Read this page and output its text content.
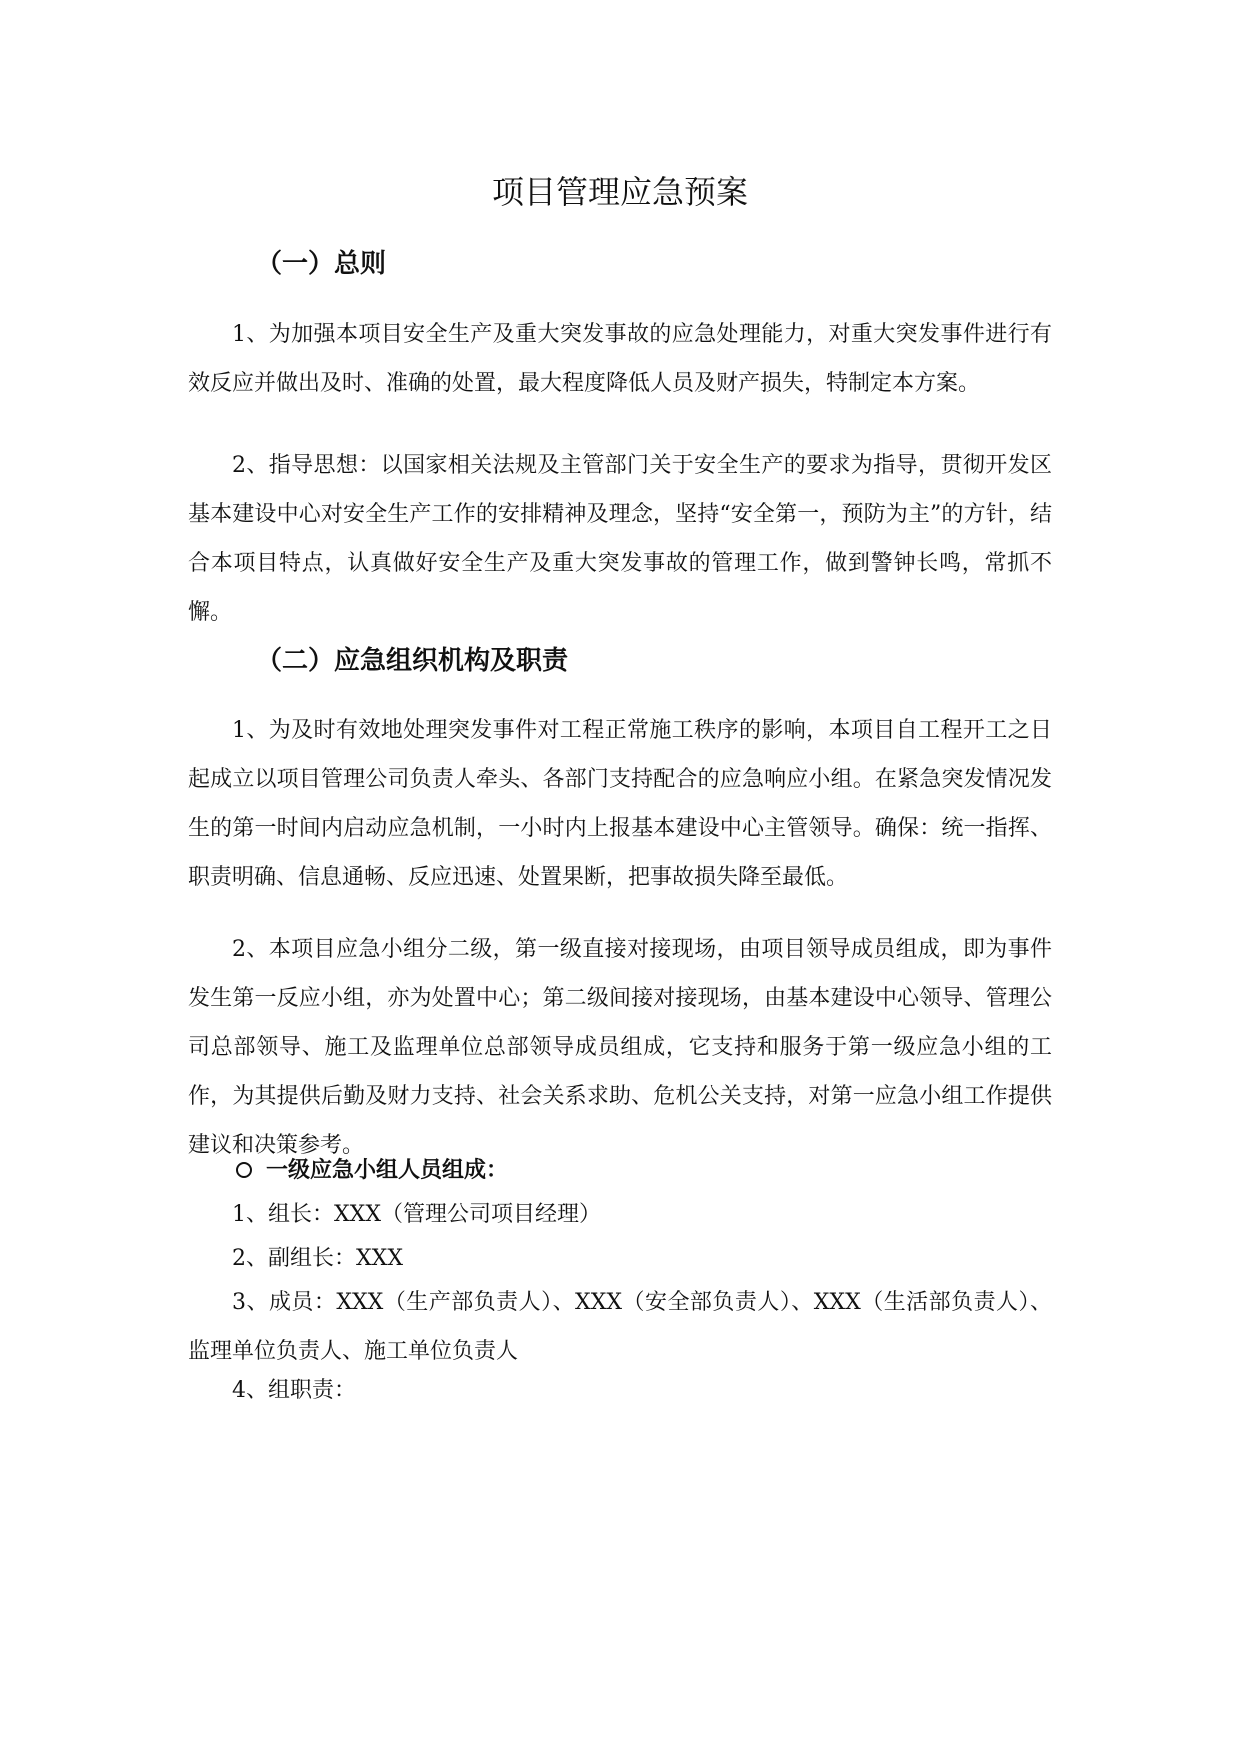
项目管理应急预案
（一）总则

1、为加强本项目安全生产及重大突发事故的应急处理能力，对重大突发事件进行有效反应并做出及时、准确的处置，最大程度降低人员及财产损失，特制定本方案。

2、指导思想：以国家相关法规及主管部门关于安全生产的要求为指导，贯彻开发区基本建设中心对安全生产工作的安排精神及理念，坚持“安全第一，预防为主”的方针，结合本项目特点，认真做好安全生产及重大突发事故的管理工作，做到警钟长鸣，常抓不懈。

（二）应急组织机构及职责

1、为及时有效地处理突发事件对工程正常施工秩序的影响，本项目自工程开工之日起成立以项目管理公司负责人牵头、各部门支持配合的应急响应小组。在紧急突发情况发生的第一时间内启动应急机制，一小时内上报基本建设中心主管领导。确保：统一指挥、职责明确、信息通畅、反应迅速、处置果断，把事故损失降至最低。

2、本项目应急小组分二级，第一级直接对接现场，由项目领导成员组成，即为事件发生第一反应小组，亦为处置中心；第二级间接对接现场，由基本建设中心领导、管理公司总部领导、施工及监理单位总部领导成员组成，它支持和服务于第一级应急小组的工作，为其提供后勤及财力支持、社会关系求助、危机公关支持，对第一应急小组工作提供建议和决策参考。

一级应急小组人员组成：

1、组长：XXX（管理公司项目经理）

2、副组长：XXX

3、成员：XXX（生产部负责人）、XXX（安全部负责人）、XXX（生活部负责人）、监理单位负责人、施工单位负责人

4、组职责：
